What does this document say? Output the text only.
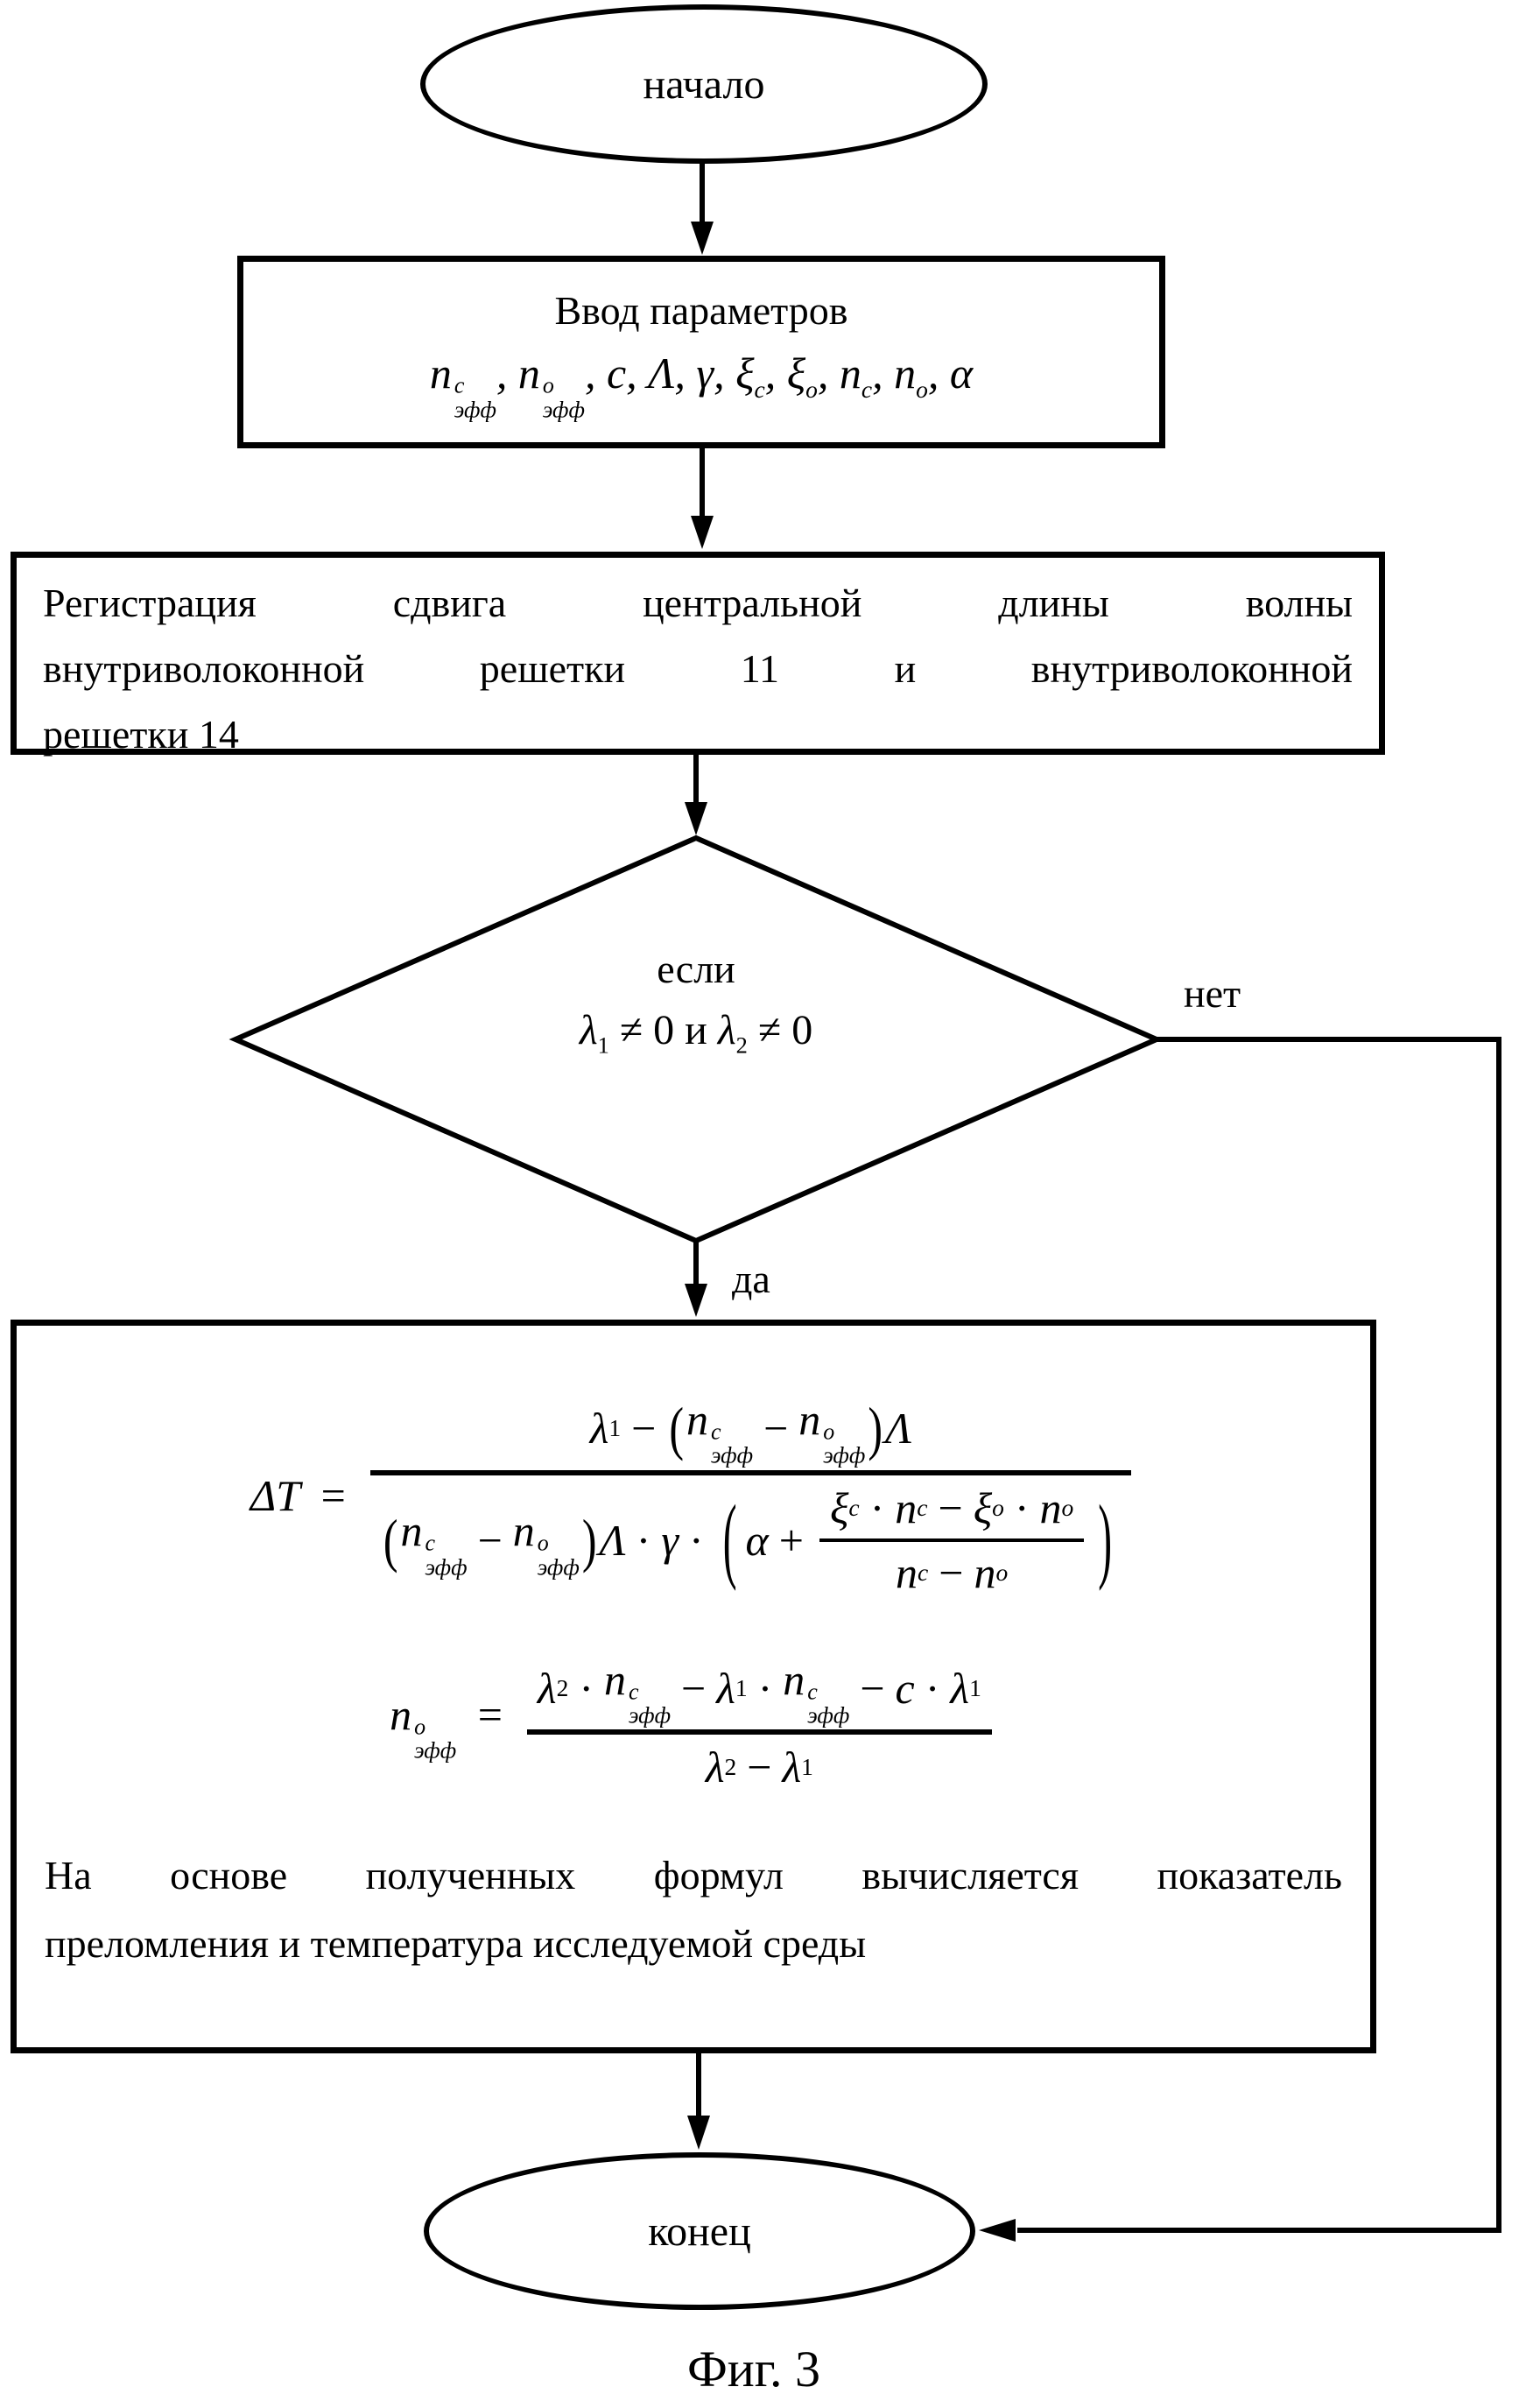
начало
Ввод параметров
n c
эфф
, n o
эфф
, c, Λ, γ, $\xi_c$, $\xi_o$, $n_c$, $n_o$, α
Регистрация сдвига центральной длины волны
внутриволоконной решетки 11 и внутриволоконной
решетки 14
если
$\lambda_1 \ne 0$ и $\lambda_2 \ne 0$
нет
да
ΔT =
λ 1 − ( n c
эфф
− n o
эфф ) Λ
( n c
эфф
− n o
эфф ) Λ · γ · ( $\alpha + \frac{\text{ξ c · n c − ξ o · n o}}{\text{n c − n o}}$ )
n o
эфф
=
λ 2 · n c
эфф
− λ 1 · n c
эфф
− c · λ 1
λ 2 − λ 1
На основе полученных формул вычисляется показатель
преломления и температура исследуемой среды
конец
Фиг. 3
